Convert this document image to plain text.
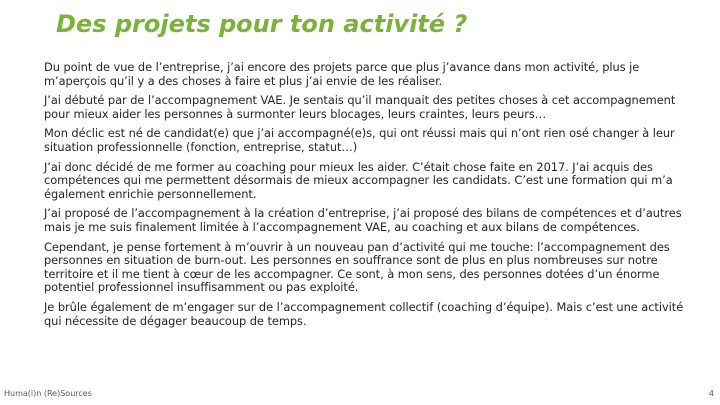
Des projets pour ton activité ?

Du point de vue de l’entreprise, j’ai encore des projets parce que plus j’avance dans mon activité, plus je m’aperçois qu’il y a des choses à faire et plus j’ai envie de les réaliser.

J’ai débuté par de l’accompagnement VAE. Je sentais qu’il manquait des petites choses à cet accompagnement pour mieux aider les personnes à surmonter leurs blocages, leurs craintes, leurs peurs…

Mon déclic est né de candidat(e) que j’ai accompagné(e)s, qui ont réussi mais qui n’ont rien osé changer à leur situation professionnelle (fonction, entreprise, statut…)

J’ai donc décidé de me former au coaching pour mieux les aider. C’était chose faite en 2017. J’ai acquis des compétences qui me permettent désormais de mieux accompagner les candidats. C’est une formation qui m’a également enrichie personnellement.

J’ai proposé de l’accompagnement à la création d’entreprise, j’ai proposé des bilans de compétences et d’autres mais je me suis finalement limitée à l’accompagnement VAE, au coaching et aux bilans de compétences.

Cependant, je pense fortement à m’ouvrir à un nouveau pan d’activité qui me touche: l’accompagnement des personnes en situation de burn-out. Les personnes en souffrance sont de plus en plus nombreuses sur notre territoire et il me tient à cœur de les accompagner. Ce sont, à mon sens, des personnes dotées d’un énorme potentiel professionnel insuffisamment ou pas exploité.

Je brûle également de m’engager sur de l’accompagnement collectif (coaching d’équipe). Mais c’est une activité qui nécessite de dégager beaucoup de temps.

Huma(i)n (Re)Sources	4
